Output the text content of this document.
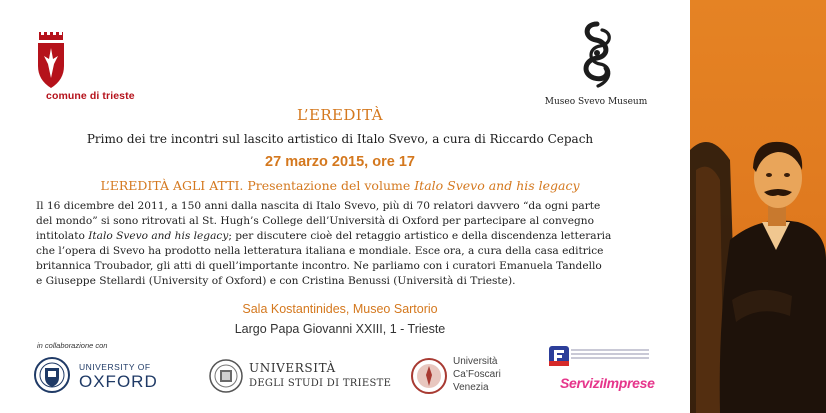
comune di trieste	Museo Svevo Museum
L’EREDITÀ
Primo dei tre incontri sul lascito artistico di Italo Svevo, a cura di Riccardo Cepach
27 marzo 2015, ore 17
L’EREDITÀ AGLI ATTI. Presentazione del volume Italo Svevo and his legacy
Il 16 dicembre del 2011, a 150 anni dalla nascita di Italo Svevo, più di 70 relatori davvero “da ogni parte
del mondo” si sono ritrovati al St. Hugh’s College dell’Università di Oxford per partecipare al convegno
intitolato Italo Svevo and his legacy; per discutere cioè del retaggio artistico e della discendenza letteraria
che l’opera di Svevo ha prodotto nella letteratura italiana e mondiale. Esce ora, a cura della casa editrice
britannica Troubador, gli atti di quell’importante incontro. Ne parliamo con i curatori Emanuela Tandello
e Giuseppe Stellardi (University of Oxford) e con Cristina Benussi (Università di Trieste).
Sala Kostantinides, Museo Sartorio
Largo Papa Giovanni XXIII, 1 - Trieste
in collaborazione con
UNIVERSITY OF
OXFORD
UNIVERSITÀ
DEGLI STUDI DI TRIESTE
Università
Ca’Foscari
Venezia	ServiziImprese
